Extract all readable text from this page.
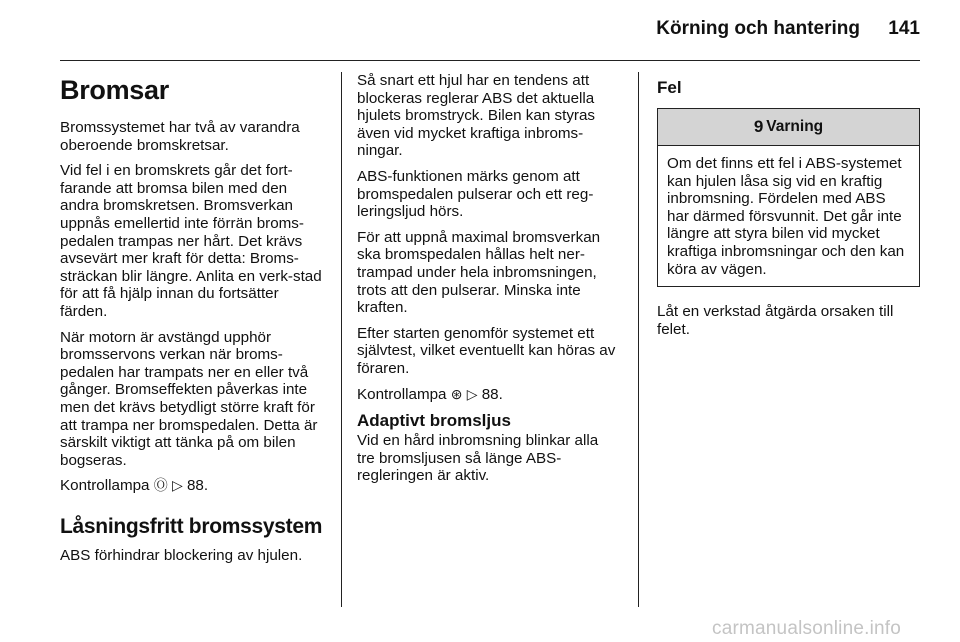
Körning och hantering	141
Bromsar

Bromssystemet har två av varandra oberoende bromskretsar.

Vid fel i en bromskrets går det fort-farande att bromsa bilen med den andra bromskretsen. Bromsverkan uppnås emellertid inte förrän broms-pedalen trampas ner hårt. Det krävs avsevärt mer kraft för detta: Broms-sträckan blir längre. Anlita en verk-stad för att få hjälp innan du fortsätter färden.

När motorn är avstängd upphör bromsservons verkan när broms-pedalen har trampats ner en eller två gånger. Bromseffekten påverkas inte men det krävs betydligt större kraft för att trampa ner bromspedalen. Detta är särskilt viktigt att tänka på om bilen bogseras.

Kontrollampa Ⓞ ▷ 88.

Låsningsfritt bromssystem

ABS förhindrar blockering av hjulen.

Så snart ett hjul har en tendens att blockeras reglerar ABS det aktuella hjulets bromstryck. Bilen kan styras även vid mycket kraftiga inbroms-ningar.

ABS-funktionen märks genom att bromspedalen pulserar och ett reg-leringsljud hörs.

För att uppnå maximal bromsverkan ska bromspedalen hållas helt ner-trampad under hela inbromsningen, trots att den pulserar. Minska inte kraften.

Efter starten genomför systemet ett självtest, vilket eventuellt kan höras av föraren.

Kontrollampa ⊛ ▷ 88.

Adaptivt bromsljus

Vid en hård inbromsning blinkar alla tre bromsljusen så länge ABS-regleringen är aktiv.

Fel
9 Varning
Om det finns ett fel i ABS-systemet kan hjulen låsa sig vid en kraftig inbromsning. Fördelen med ABS har därmed försvunnit. Det går inte längre att styra bilen vid mycket kraftiga inbromsningar och den kan köra av vägen.

Låt en verkstad åtgärda orsaken till felet.

carmanualsonline.info
